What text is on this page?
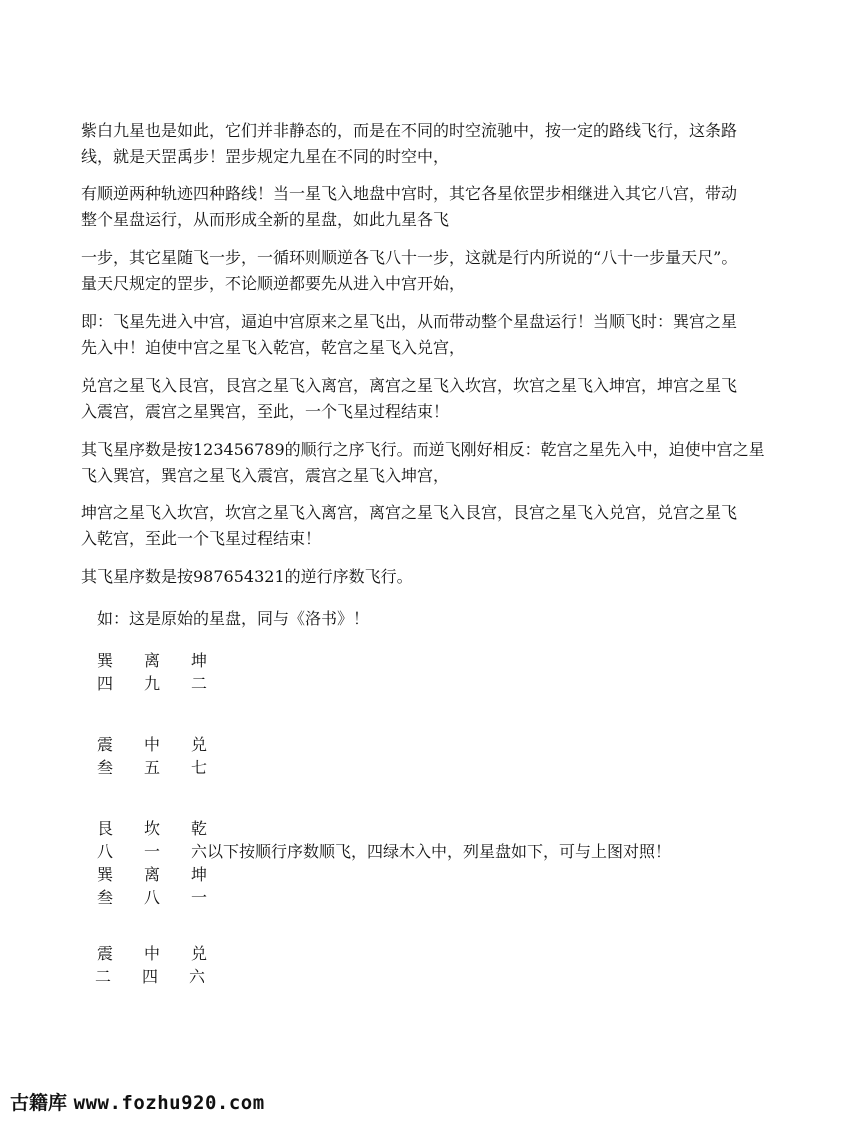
紫白九星也是如此，它们并非静态的，而是在不同的时空流驰中，按一定的路线飞行，这条路
线，就是天罡禹步！罡步规定九星在不同的时空中，

有顺逆两种轨迹四种路线！当一星飞入地盘中宫时，其它各星依罡步相继进入其它八宫，带动
整个星盘运行，从而形成全新的星盘，如此九星各飞

一步，其它星随飞一步，一循环则顺逆各飞八十一步，这就是行内所说的“八十一步量天尺”。
量天尺规定的罡步，不论顺逆都要先从进入中宫开始，

即：飞星先进入中宫，逼迫中宫原来之星飞出，从而带动整个星盘运行！当顺飞时：巽宫之星
先入中！迫使中宫之星飞入乾宫，乾宫之星飞入兑宫，

兑宫之星飞入艮宫，艮宫之星飞入离宫，离宫之星飞入坎宫，坎宫之星飞入坤宫，坤宫之星飞
入震宫，震宫之星巽宫，至此，一个飞星过程结束！

其飞星序数是按123456789的顺行之序飞行。而逆飞刚好相反：乾宫之星先入中，迫使中宫之星
飞入巽宫，巽宫之星飞入震宫，震宫之星飞入坤宫，

坤宫之星飞入坎宫，坎宫之星飞入离宫，离宫之星飞入艮宫，艮宫之星飞入兑宫，兑宫之星飞
入乾宫，至此一个飞星过程结束！

其飞星序数是按987654321的逆行序数飞行。

如：这是原始的星盘，同与《洛书》！
巽	离	坤
四	九	二
震	中	兑
叁	五	七
艮	坎	乾
八	一	六 以下按顺行序数顺飞，四绿木入中，列星盘如下，可与上图对照！
巽	离	坤
叁	八	一
震	中	兑
二	四	六
古籍库 www.fozhu920.com
